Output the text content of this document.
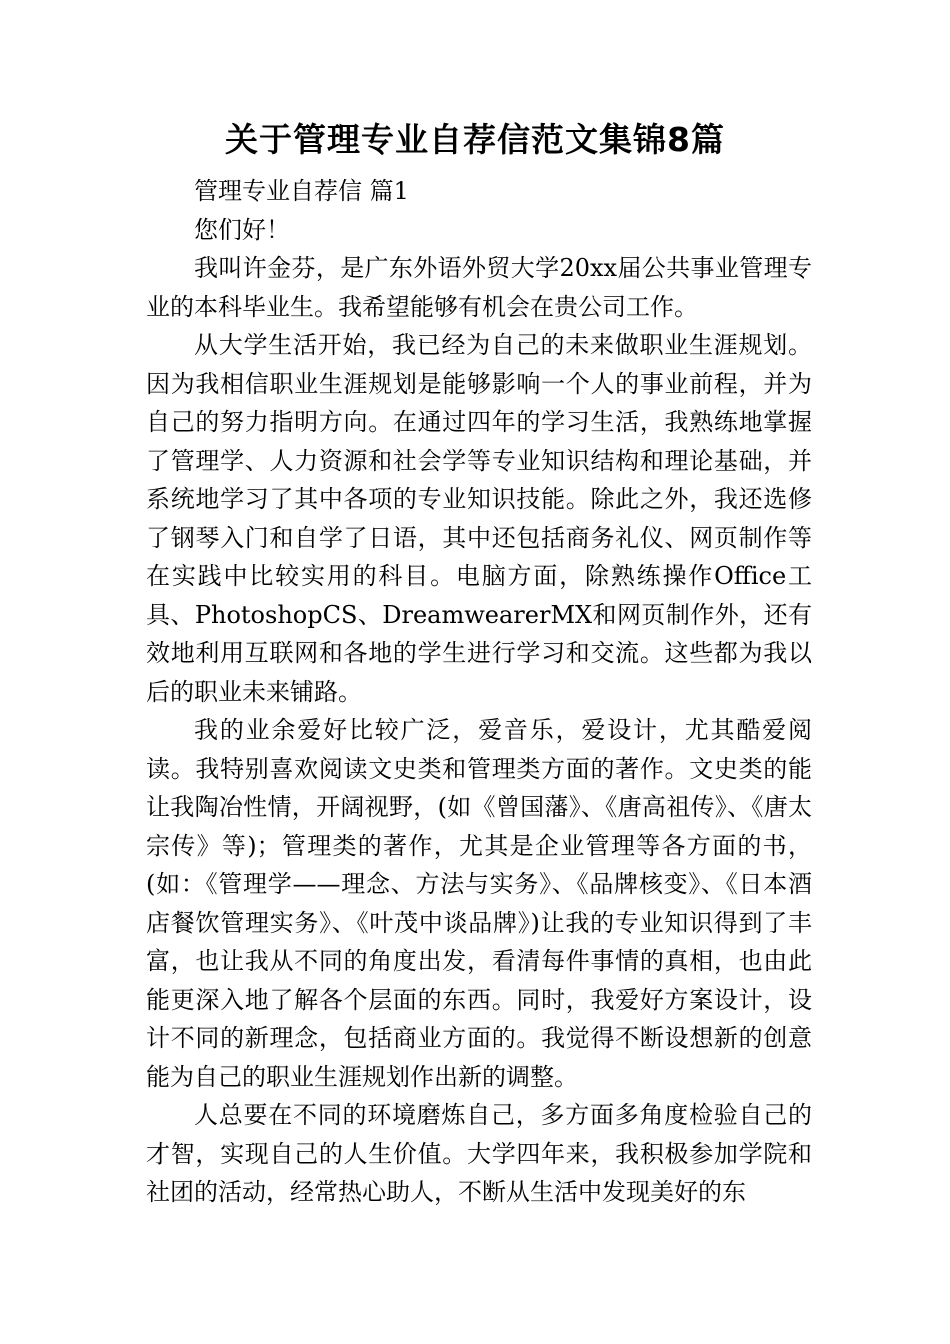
关于管理专业自荐信范文集锦8篇

管理专业自荐信 篇1

您们好！

我叫许金芬，是广东外语外贸大学20xx届公共事业管理专业的本科毕业生。我希望能够有机会在贵公司工作。

从大学生活开始，我已经为自己的未来做职业生涯规划。因为我相信职业生涯规划是能够影响一个人的事业前程，并为自己的努力指明方向。在通过四年的学习生活，我熟练地掌握了管理学、人力资源和社会学等专业知识结构和理论基础，并系统地学习了其中各项的专业知识技能。除此之外，我还选修了钢琴入门和自学了日语，其中还包括商务礼仪、网页制作等在实践中比较实用的科目。电脑方面，除熟练操作Office工具、PhotoshopCS、DreamwearerMX和网页制作外，还有效地利用互联网和各地的学生进行学习和交流。这些都为我以后的职业未来铺路。

我的业余爱好比较广泛，爱音乐，爱设计，尤其酷爱阅读。我特别喜欢阅读文史类和管理类方面的著作。文史类的能让我陶冶性情，开阔视野，(如《曾国藩》、《唐高祖传》、《唐太宗传》等)；管理类的著作，尤其是企业管理等各方面的书，(如：《管理学——理念、方法与实务》、《品牌核变》、《日本酒店餐饮管理实务》、《叶茂中谈品牌》)让我的专业知识得到了丰富，也让我从不同的角度出发，看清每件事情的真相，也由此能更深入地了解各个层面的东西。同时，我爱好方案设计，设计不同的新理念，包括商业方面的。我觉得不断设想新的创意能为自己的职业生涯规划作出新的调整。

人总要在不同的环境磨炼自己，多方面多角度检验自己的才智，实现自己的人生价值。大学四年来，我积极参加学院和社团的活动，经常热心助人，不断从生活中发现美好的东
